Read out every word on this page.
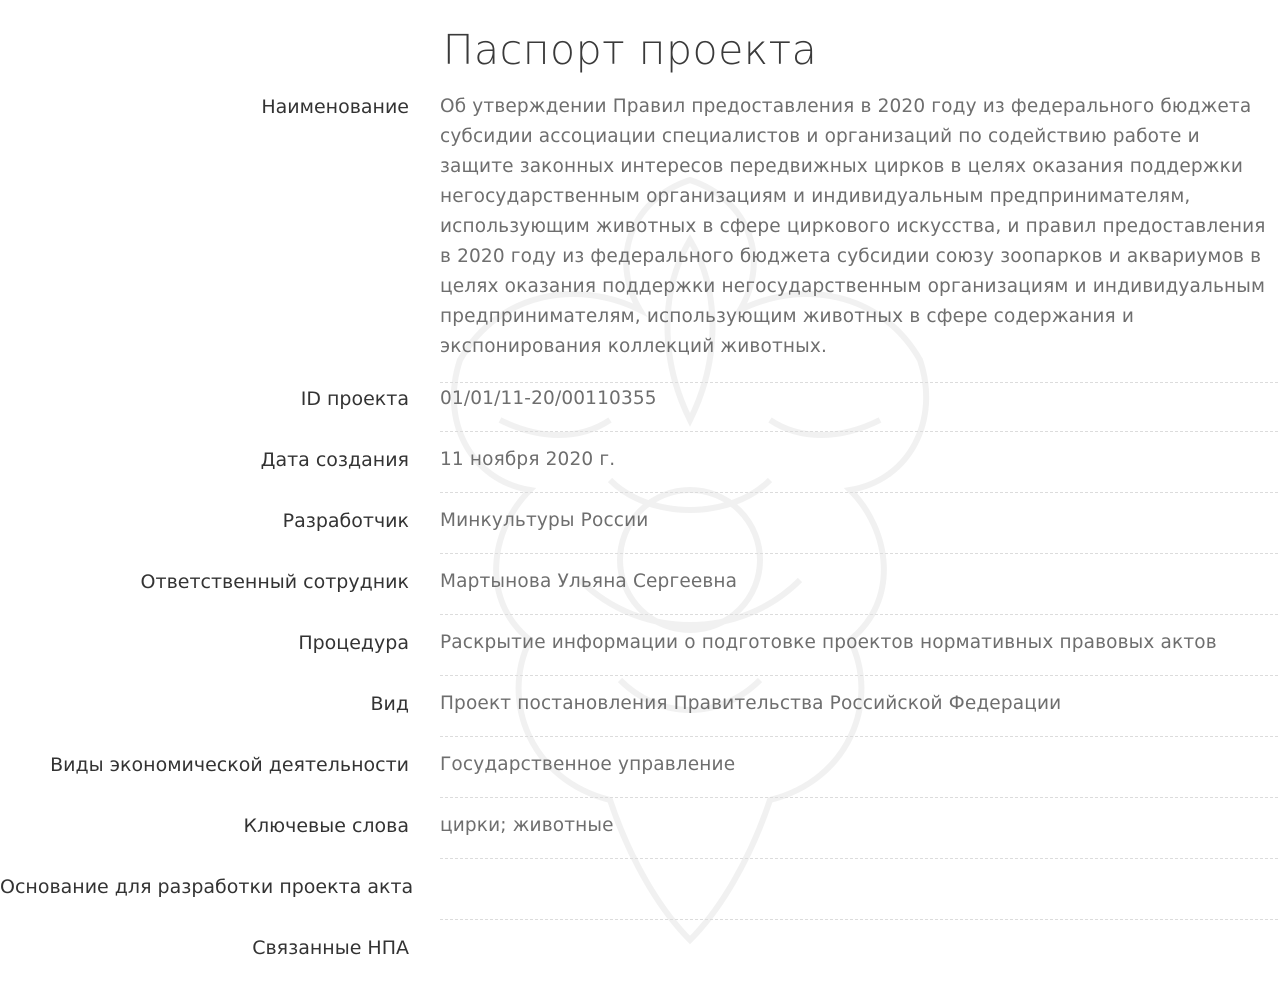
Паспорт проекта
Наименование Об утверждении Правил предоставления в 2020 году из федерального бюджета субсидии ассоциации специалистов и организаций по содействию работе и защите законных интересов передвижных цирков в целях оказания поддержки негосударственным организациям и индивидуальным предпринимателям, использующим животных в сфере циркового искусства, и правил предоставления в 2020 году из федерального бюджета субсидии союзу зоопарков и аквариумов в целях оказания поддержки негосударственным организациям и индивидуальным предпринимателям, использующим животных в сфере содержания и экспонирования коллекций животных.
ID проекта 01/01/11-20/00110355
Дата создания 11 ноября 2020 г.
Разработчик Минкультуры России
Ответственный сотрудник Мартынова Ульяна Сергеевна
Процедура Раскрытие информации о подготовке проектов нормативных правовых актов
Вид Проект постановления Правительства Российской Федерации
Виды экономической деятельности Государственное управление
Ключевые слова цирки; животные
Основание для разработки проекта акта
Связанные НПА
